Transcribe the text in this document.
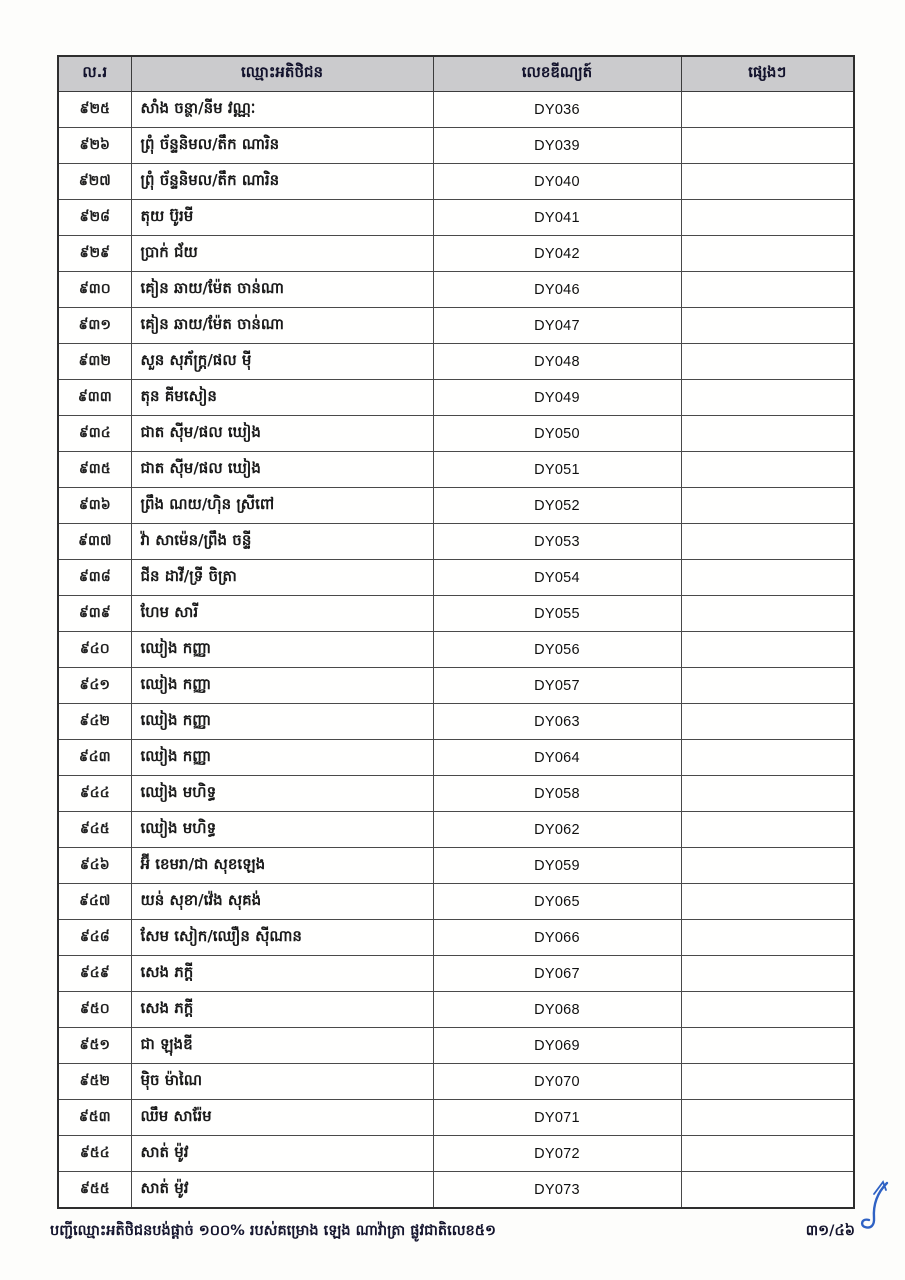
ល.រ	ឈ្មោះអតិថិជន	លេខឌីណ្យត៍	ផ្សេងៗ
៩២៥	សាំង ចន្ថា/នីម វណ្ណៈ	DY036	
៩២៦	ព្រុំ ច័ន្ទនិមល/តឹក ណារិន	DY039	
៩២៧	ព្រុំ ច័ន្ទនិមល/តឹក ណារិន	DY040	
៩២៨	តុយ ប៊ូរមី	DY041	
៩២៩	ប្រាក់ ជ័យ	DY042	
៩៣០	គៀន ឆាយ/ម៉ែត ចាន់ណា	DY046	
៩៣១	គៀន ឆាយ/ម៉ែត ចាន់ណា	DY047	
៩៣២	សួន សុភ័ក្ត្រ/ផល ម៉ី	DY048	
៩៣៣	តុន គីមសៀន	DY049	
៩៣៤	ជាត ស៊ីម/ផល ឃៀង	DY050	
៩៣៥	ជាត ស៊ីម/ផល ឃៀង	DY051	
៩៣៦	ព្រឹង ណយ/ហ៊ិន ស្រីពៅ	DY052	
៩៣៧	វ៉ា សាម៉េន/ព្រឹង ចន្ទី	DY053	
៩៣៨	ជីន ដាវី/ទ្រី ចិត្រា	DY054	
៩៣៩	ហែម សារី	DY055	
៩៤០	ឈៀង កញ្ញា	DY056	
៩៤១	ឈៀង កញ្ញា	DY057	
៩៤២	ឈៀង កញ្ញា	DY063	
៩៤៣	ឈៀង កញ្ញា	DY064	
៩៤៤	ឈៀង មហិទ្ធ	DY058	
៩៤៥	ឈៀង មហិទ្ធ	DY062	
៩៤៦	អ៊ី ខេមរា/ជា សុខឡេង	DY059	
៩៤៧	យន់ សុខា/វ៉េង សុគង់	DY065	
៩៤៨	សែម សៀក/ឈឿន ស៊ីណាន	DY066	
៩៤៩	សេង ភក្តី	DY067	
៩៥០	សេង ភក្តី	DY068	
៩៥១	ជា ឡុងឌី	DY069	
៩៥២	ម៉ិច ម៉ាណៃ	DY070	
៩៥៣	ឈឹម សារ៉ែម	DY071	
៩៥៤	សាត់ ម៉ូវ	DY072	
៩៥៥	សាត់ ម៉ូវ	DY073	
បញ្ជីឈ្មោះអតិថិជនបង់ផ្តាច់ ១០០% របស់គម្រោង ឡេង ណាវ៉ាត្រា ផ្លូវជាតិលេខ៥១	៣១/៤៦
